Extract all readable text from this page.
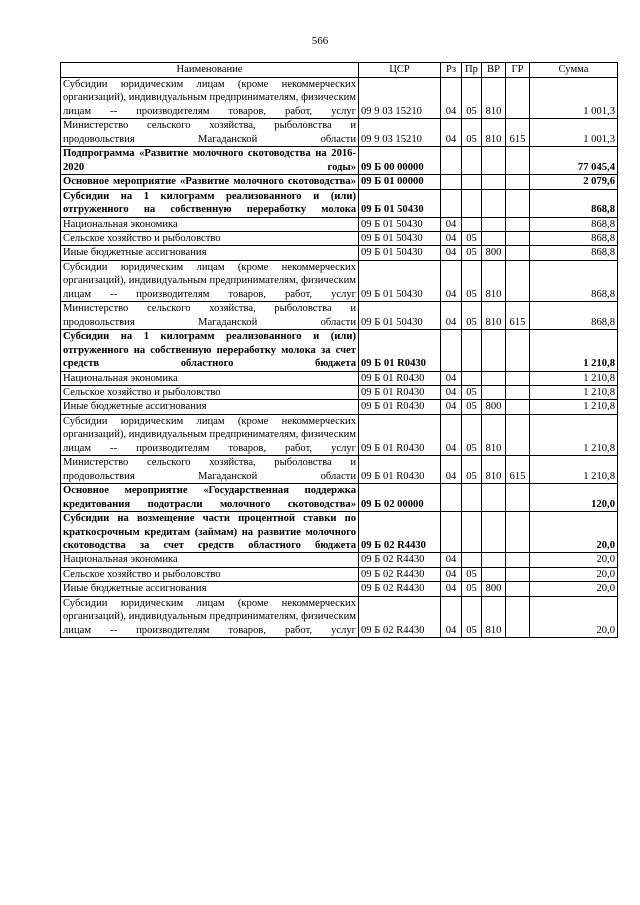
566
Наименование	ЦСР	Рз	Пр	ВР	ГР	Сумма
Субсидии юридическим лицам (кроме некоммерческих организаций), индивидуальным предпринимателям, физическим лицам -- производителям товаров, работ, услуг	09 9 03 15210	04	05	810		1 001,3
Министерство сельского хозяйства, рыболовства и продовольствия Магаданской области	09 9 03 15210	04	05	810	615	1 001,3
Подпрограмма «Развитие молочного скотоводства на 2016-2020 годы»	09 Б 00 00000					77 045,4
Основное мероприятие «Развитие молочного скотоводства»	09 Б 01 00000					2 079,6
Субсидии на 1 килограмм реализованного и (или) отгруженного на собственную переработку молока	09 Б 01 50430					868,8
Национальная экономика	09 Б 01 50430	04				868,8
Сельское хозяйство и рыболовство	09 Б 01 50430	04	05			868,8
Иные бюджетные ассигнования	09 Б 01 50430	04	05	800		868,8
Субсидии юридическим лицам (кроме некоммерческих организаций), индивидуальным предпринимателям, физическим лицам -- производителям товаров, работ, услуг	09 Б 01 50430	04	05	810		868,8
Министерство сельского хозяйства, рыболовства и продовольствия Магаданской области	09 Б 01 50430	04	05	810	615	868,8
Субсидии на 1 килограмм реализованного и (или) отгруженного на собственную переработку молока за счет средств областного бюджета	09 Б 01 R0430					1 210,8
Национальная экономика	09 Б 01 R0430	04				1 210,8
Сельское хозяйство и рыболовство	09 Б 01 R0430	04	05			1 210,8
Иные бюджетные ассигнования	09 Б 01 R0430	04	05	800		1 210,8
Субсидии юридическим лицам (кроме некоммерческих организаций), индивидуальным предпринимателям, физическим лицам -- производителям товаров, работ, услуг	09 Б 01 R0430	04	05	810		1 210,8
Министерство сельского хозяйства, рыболовства и продовольствия Магаданской области	09 Б 01 R0430	04	05	810	615	1 210,8
Основное мероприятие «Государственная поддержка кредитования подотрасли молочного скотоводства»	09 Б 02 00000					120,0
Субсидии на возмещение части процентной ставки по краткосрочным кредитам (займам) на развитие молочного скотоводства за счет средств областного бюджета	09 Б 02 R4430					20,0
Национальная экономика	09 Б 02 R4430	04				20,0
Сельское хозяйство и рыболовство	09 Б 02 R4430	04	05			20,0
Иные бюджетные ассигнования	09 Б 02 R4430	04	05	800		20,0
Субсидии юридическим лицам (кроме некоммерческих организаций), индивидуальным предпринимателям, физическим лицам -- производителям товаров, работ, услуг	09 Б 02 R4430	04	05	810		20,0
